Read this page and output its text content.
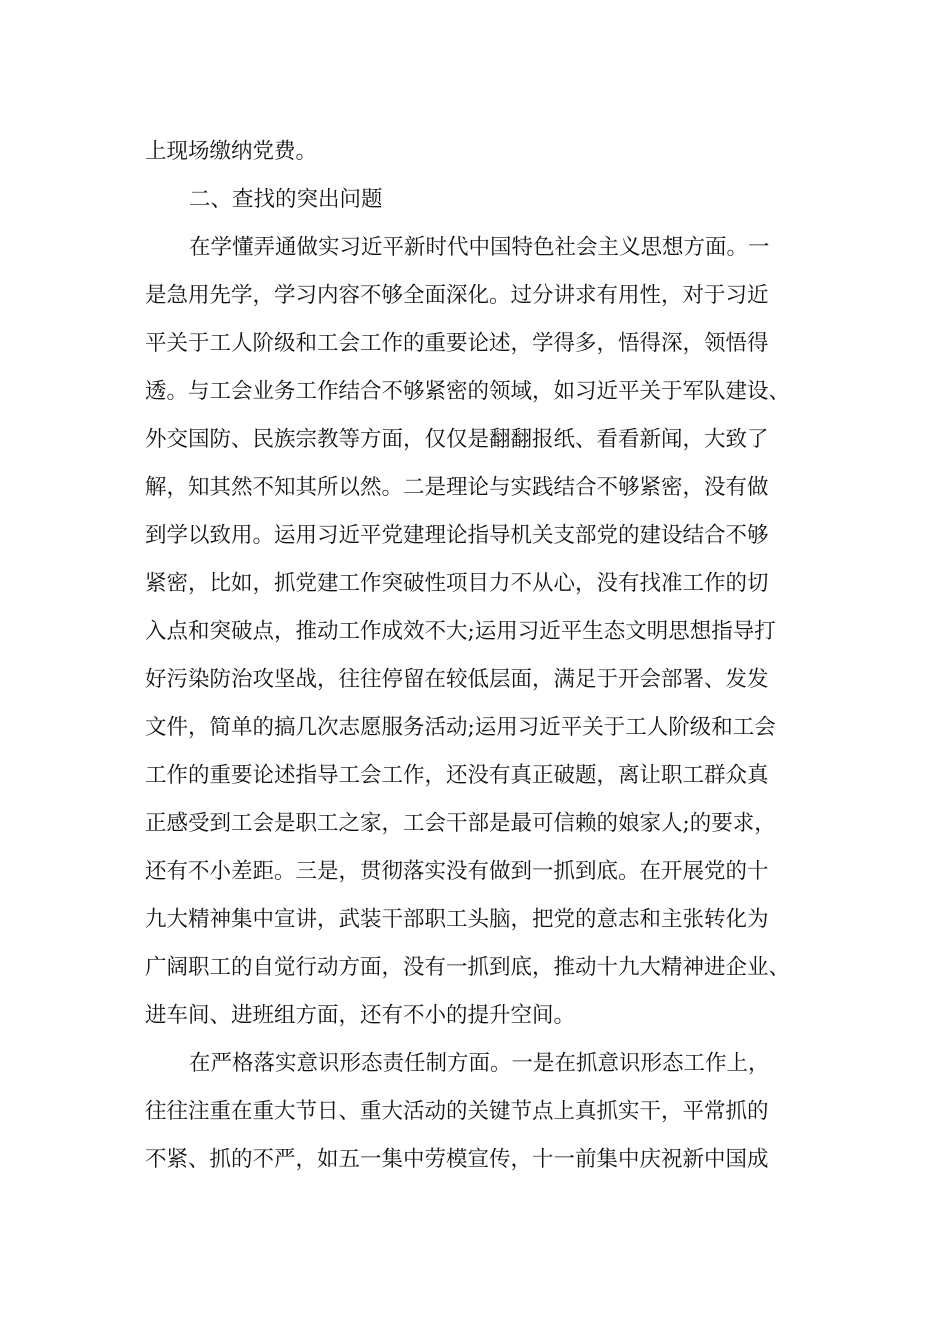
上现场缴纳党费。
二、查找的突出问题
在学懂弄通做实习近平新时代中国特色社会主义思想方面。一
是急用先学，学习内容不够全面深化。过分讲求有用性，对于习近
平关于工人阶级和工会工作的重要论述，学得多，悟得深，领悟得
透。与工会业务工作结合不够紧密的领域，如习近平关于军队建设、
外交国防、民族宗教等方面，仅仅是翻翻报纸、看看新闻，大致了
解，知其然不知其所以然。二是理论与实践结合不够紧密，没有做
到学以致用。运用习近平党建理论指导机关支部党的建设结合不够
紧密，比如，抓党建工作突破性项目力不从心，没有找准工作的切
入点和突破点，推动工作成效不大;运用习近平生态文明思想指导打
好污染防治攻坚战，往往停留在较低层面，满足于开会部署、发发
文件，简单的搞几次志愿服务活动;运用习近平关于工人阶级和工会
工作的重要论述指导工会工作，还没有真正破题，离让职工群众真
正感受到工会是职工之家，工会干部是最可信赖的娘家人;的要求，
还有不小差距。三是，贯彻落实没有做到一抓到底。在开展党的十
九大精神集中宣讲，武装干部职工头脑，把党的意志和主张转化为
广阔职工的自觉行动方面，没有一抓到底，推动十九大精神进企业、
进车间、进班组方面，还有不小的提升空间。
在严格落实意识形态责任制方面。一是在抓意识形态工作上，
往往注重在重大节日、重大活动的关键节点上真抓实干，平常抓的
不紧、抓的不严，如五一集中劳模宣传，十一前集中庆祝新中国成
